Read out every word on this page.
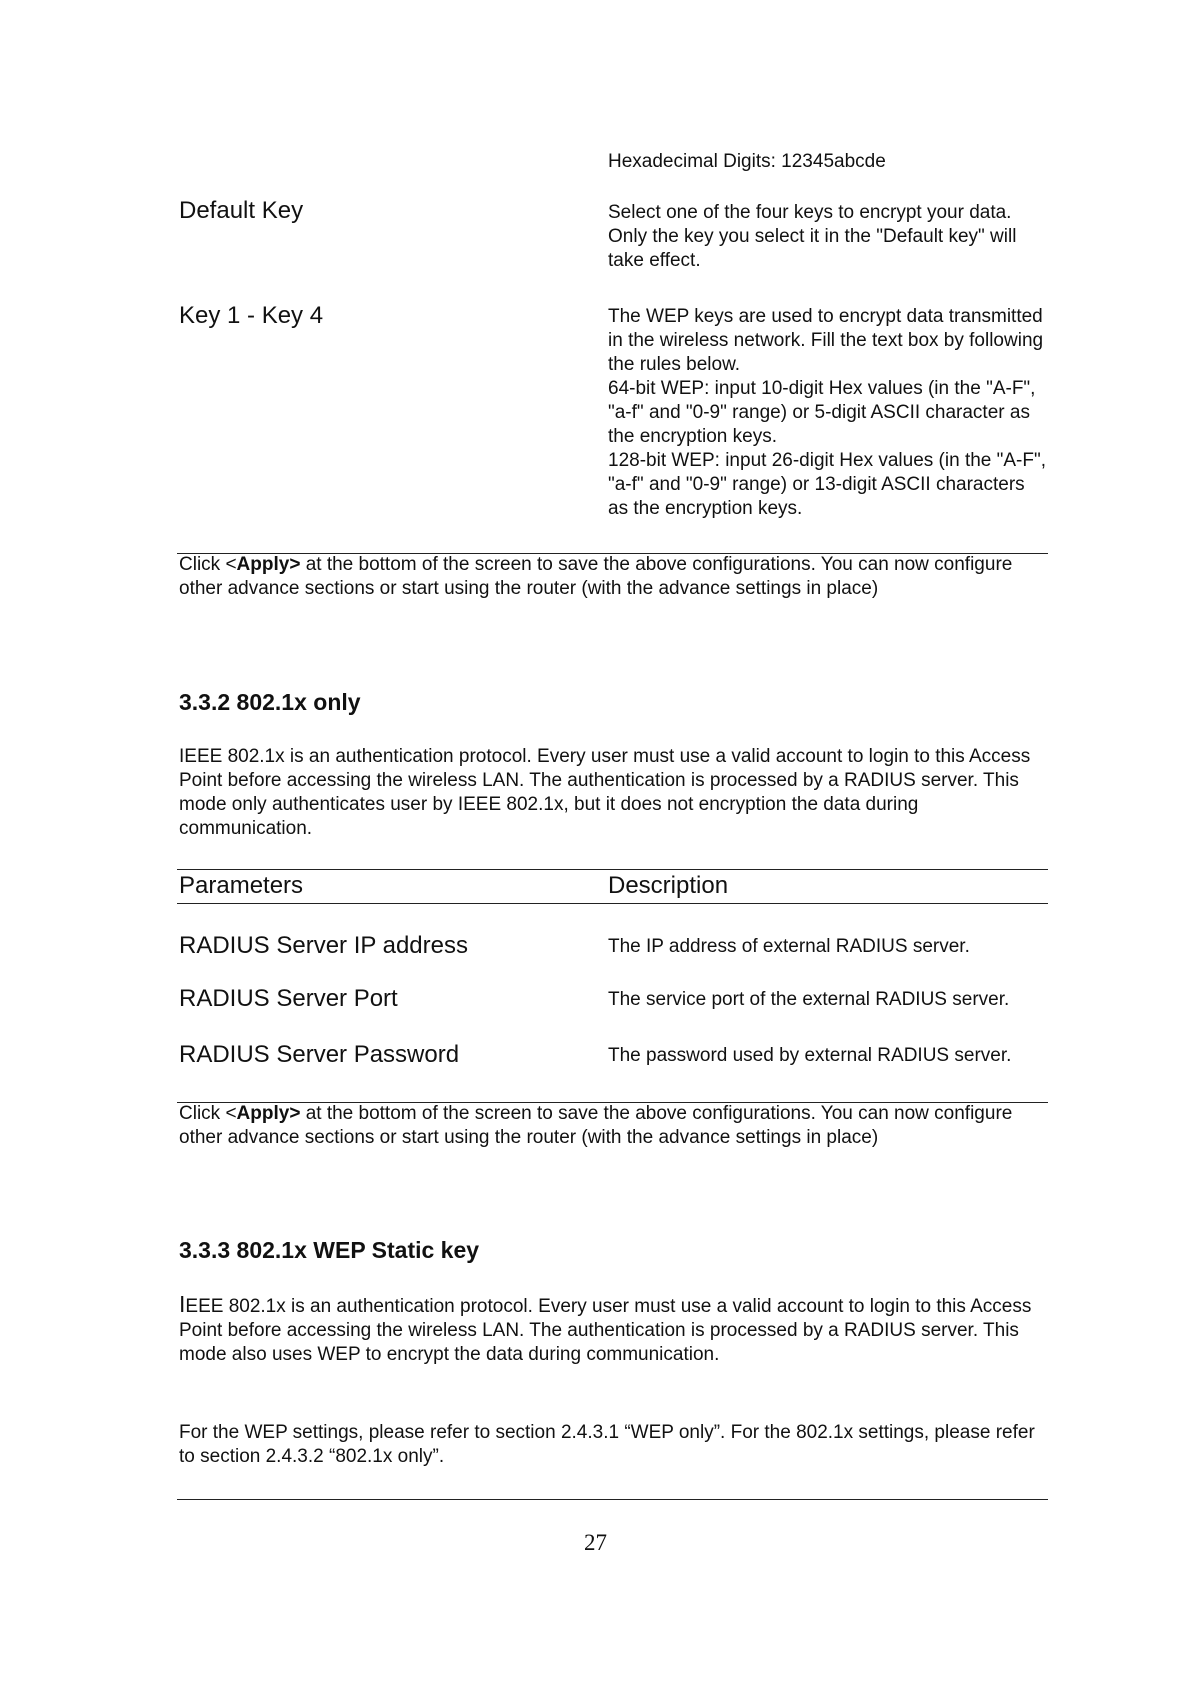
Hexadecimal Digits: 12345abcde
Default Key	Select one of the four keys to encrypt your data. Only the key you select it in the "Default key" will take effect.
Key 1 - Key 4	The WEP keys are used to encrypt data transmitted in the wireless network. Fill the text box by following the rules below.
64-bit WEP: input 10-digit Hex values (in the "A-F", "a-f" and "0-9" range) or 5-digit ASCII character as the encryption keys.
128-bit WEP: input 26-digit Hex values (in the "A-F", "a-f" and "0-9" range) or 13-digit ASCII characters as the encryption keys.
Click <Apply> at the bottom of the screen to save the above configurations. You can now configure other advance sections or start using the router (with the advance settings in place)
3.3.2 802.1x only
IEEE 802.1x is an authentication protocol. Every user must use a valid account to login to this Access Point before accessing the wireless LAN. The authentication is processed by a RADIUS server. This mode only authenticates user by IEEE 802.1x, but it does not encryption the data during communication.
Parameters	Description
RADIUS Server IP address	The IP address of external RADIUS server.
RADIUS Server Port	The service port of the external RADIUS server.
RADIUS Server Password	The password used by external RADIUS server.
Click <Apply> at the bottom of the screen to save the above configurations. You can now configure other advance sections or start using the router (with the advance settings in place)
3.3.3 802.1x WEP Static key
IEEE 802.1x is an authentication protocol. Every user must use a valid account to login to this Access Point before accessing the wireless LAN. The authentication is processed by a RADIUS server. This mode also uses WEP to encrypt the data during communication.
For the WEP settings, please refer to section 2.4.3.1 “WEP only”. For the 802.1x settings, please refer to section 2.4.3.2 “802.1x only”.
27
